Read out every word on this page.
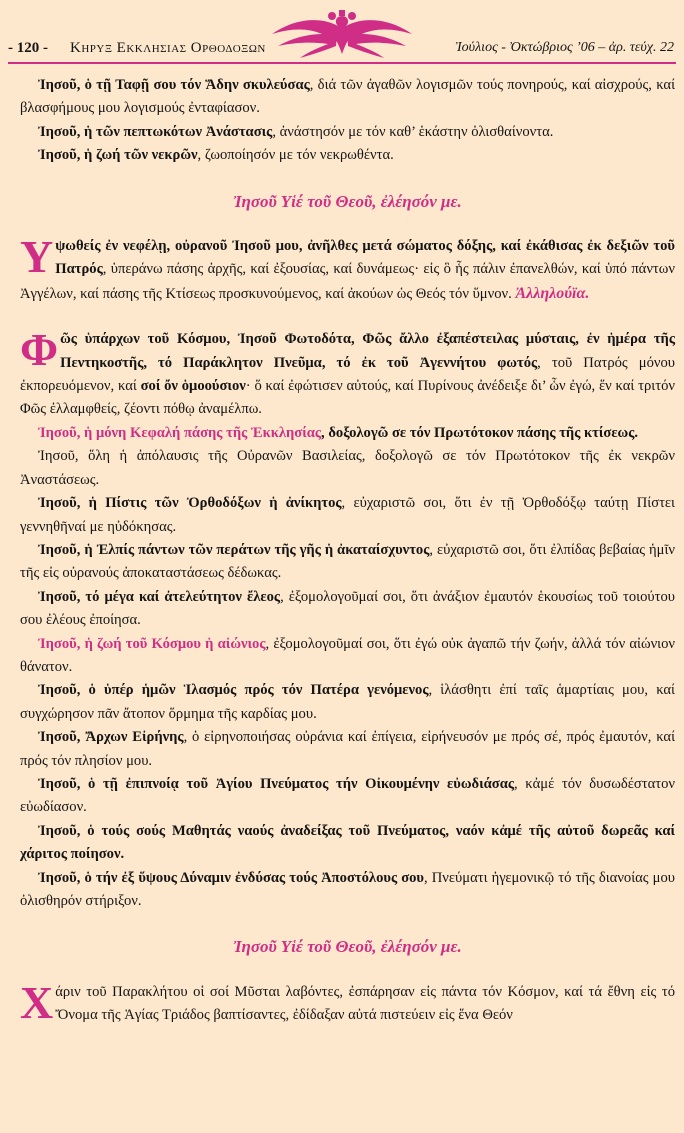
- 120 - Κηρυξ Εκκλησιας Ορθοδοξων	Ἰούλιος - Ὀκτώβριος ’06 – ἀρ. τεύχ. 22

Ἰησοῦ, ὁ τῇ Ταφῇ σου τόν Ἅδην σκυλεύσας, διά τῶν ἀγαθῶν λογισμῶν τούς πονηρούς, καί αἰσχρούς, καί βλασφήμους μου λογισμούς ἐνταφίασον.

Ἰησοῦ, ἡ τῶν πεπτωκότων Ἀνάστασις, ἀνάστησόν με τόν καθ’ ἑκάστην ὀλισθαίνοντα.

Ἰησοῦ, ἡ ζωή τῶν νεκρῶν, ζωοποίησόν με τόν νεκρωθέντα.

Ἰησοῦ Υἱέ τοῦ Θεοῦ, ἐλέησόν με.

Υψωθείς ἐν νεφέλῃ, οὐρανοῦ Ἰησοῦ μου, ἀνῆλθες μετά σώματος δόξης, καί ἐκάθισας ἐκ δεξιῶν τοῦ Πατρός, ὑπεράνω πάσης ἀρχῆς, καί ἐξουσίας, καί δυνάμεως· εἰς ὃ ἧς πάλιν ἐπανελθών, καί ὑπό πάντων Ἀγγέλων, καί πάσης τῆς Κτίσεως προσκυνούμενος, καί ἀκούων ὡς Θεός τόν ὕμνον. Ἀλληλούϊα.

Φῶς ὑπάρχων τοῦ Κόσμου, Ἰησοῦ Φωτοδότα, Φῶς ἄλλο ἐξαπέστειλας μύσταις, ἐν ἡμέρα τῆς Πεντηκοστῆς, τό Παράκλητον Πνεῦμα, τό ἐκ τοῦ Ἀγεννήτου φωτός, τοῦ Πατρός μόνου ἐκπορευόμενον, καί σοί ὄν ὁμοούσιον· ὅ καί ἐφώτισεν αὐτούς, καί Πυρίνους ἀνέδειξε δι’ ὧν ἐγώ, ἕν καί τριτόν Φῶς ἐλλαμφθείς, ζέοντι πόθῳ ἀναμέλπω.

Ἰησοῦ, ἡ μόνη Κεφαλή πάσης τῆς Ἐκκλησίας, δοξολογῶ σε τόν Πρωτότοκον πάσης τῆς κτίσεως.

Ἰησοῦ, ὅλη ἡ ἀπόλαυσις τῆς Οὐρανῶν Βασιλείας, δοξολογῶ σε τόν Πρωτότοκον τῆς ἐκ νεκρῶν Ἀναστάσεως.

Ἰησοῦ, ἡ Πίστις τῶν Ὀρθοδόξων ἡ ἀνίκητος, εὐχαριστῶ σοι, ὅτι ἐν τῇ Ὀρθοδόξῳ ταύτῃ Πίστει γεννηθῆναί με ηὐδόκησας.

Ἰησοῦ, ἡ Ἐλπίς πάντων τῶν περάτων τῆς γῆς ἡ ἀκαταίσχυντος, εὐχαριστῶ σοι, ὅτι ἐλπίδας βεβαίας ἡμῖν τῆς εἰς οὐρανούς ἀποκαταστάσεως δέδωκας.

Ἰησοῦ, τό μέγα καί ἀτελεύτητον ἔλεος, ἐξομολογοῦμαί σοι, ὅτι ἀνάξιον ἐμαυτόν ἑκουσίως τοῦ τοιούτου σου ἐλέους ἐποίησα.

Ἰησοῦ, ἡ ζωή τοῦ Κόσμου ἡ αἰώνιος, ἐξομολογοῦμαί σοι, ὅτι ἐγώ οὐκ ἀγαπῶ τήν ζωήν, ἀλλά τόν αἰώνιον θάνατον.

Ἰησοῦ, ὁ ὑπέρ ἡμῶν Ἱλασμός πρός τόν Πατέρα γενόμενος, ἱλάσθητι ἐπί ταῖς ἁμαρτίαις μου, καί συγχώρησον πᾶν ἄτοπον ὅρμημα τῆς καρδίας μου.

Ἰησοῦ, Ἄρχων Εἰρήνης, ὁ εἰρηνοποιήσας οὐράνια καί ἐπίγεια, εἰρήνευσόν με πρός σέ, πρός ἐμαυτόν, καί πρός τόν πλησίον μου.

Ἰησοῦ, ὁ τῇ ἐπιπνοίᾳ τοῦ Ἁγίου Πνεύματος τήν Οἰκουμένην εὐωδιάσας, κἀμέ τόν δυσωδέστατον εὐωδίασον.

Ἰησοῦ, ὁ τούς σούς Μαθητάς ναούς ἀναδείξας τοῦ Πνεύματος, ναόν κἀμέ τῆς αὐτοῦ δωρεᾶς καί χάριτος ποίησον.

Ἰησοῦ, ὁ τήν ἐξ ὕψους Δύναμιν ἐνδύσας τούς Ἀποστόλους σου, Πνεύματι ἡγεμονικῷ τό τῆς διανοίας μου ὀλισθηρόν στήριξον.

Ἰησοῦ Υἱέ τοῦ Θεοῦ, ἐλέησόν με.

Χάριν τοῦ Παρακλήτου οἱ σοί Μῦσται λαβόντες, ἐσπάρησαν εἰς πάντα τόν Κόσμον, καί τά ἔθνη εἰς τό Ὄνομα τῆς Ἁγίας Τριάδος βαπτίσαντες, ἐδίδαξαν αὐτά πιστεύειν εἰς ἕνα Θεόν
